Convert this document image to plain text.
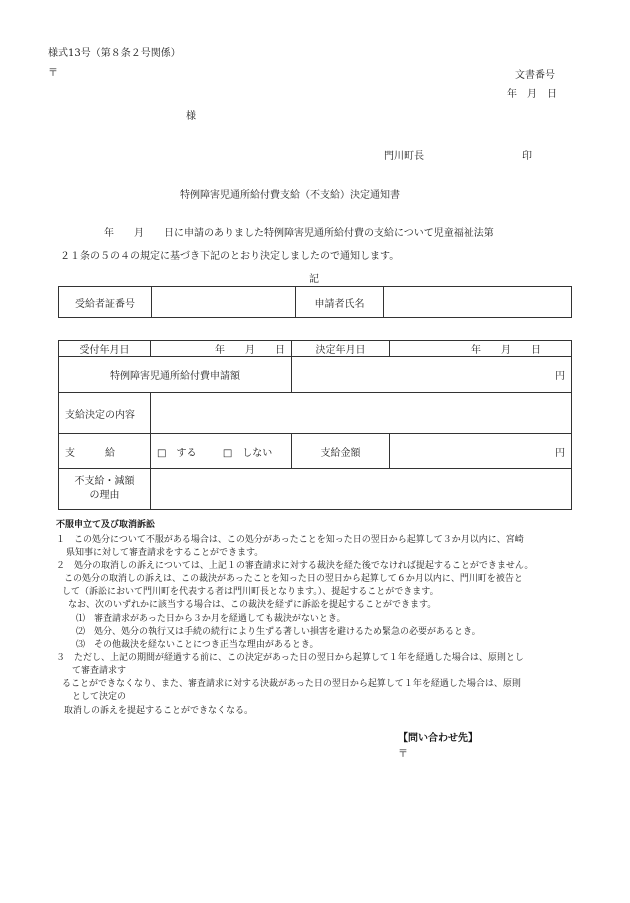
様式13号（第８条２号関係）
〒	文書番号
年　月　日
様
門川町長	印
特例障害児通所給付費支給（不支給）決定通知書
年　　月　　日に申請のありました特例障害児通所給付費の支給について児童福祉法第
２１条の５の４の規定に基づき下記のとおり決定しましたので通知します。
記
受給者証番号		申請者氏名	
受付年月日	年　　月　　日	決定年月日	年　　月　　日
特例障害児通所給付費申請額		円	
支給決定の内容			
支　　　給	□　する □　しない	支給金額	円

不支給・減額
の理由			

不服申立て及び取消訴訟
１　この処分について不服がある場合は、この処分があったことを知った日の翌日から起算して３か月以内に、宮崎
県知事に対して審査請求をすることができます。
２　処分の取消しの訴えについては、上記１の審査請求に対する裁決を経た後でなければ提起することができません。
この処分の取消しの訴えは、この裁決があったことを知った日の翌日から起算して６か月以内に、門川町を被告と
して（訴訟において門川町を代表する者は門川町長となります。）、提起することができます。
なお、次のいずれかに該当する場合は、この裁決を経ずに訴訟を提起することができます。
⑴　審査請求があった日から３か月を経過しても裁決がないとき。
⑵　処分、処分の執行又は手続の続行により生ずる著しい損害を避けるため緊急の必要があるとき。
⑶　その他裁決を経ないことにつき正当な理由があるとき。
３　ただし、上記の期間が経過する前に、この決定があった日の翌日から起算して１年を経過した場合は、原則とし
て審査請求す
ることができなくなり、また、審査請求に対する決裁があった日の翌日から起算して１年を経過した場合は、原則
として決定の
取消しの訴えを提起することができなくなる。
【問い合わせ先】
〒
